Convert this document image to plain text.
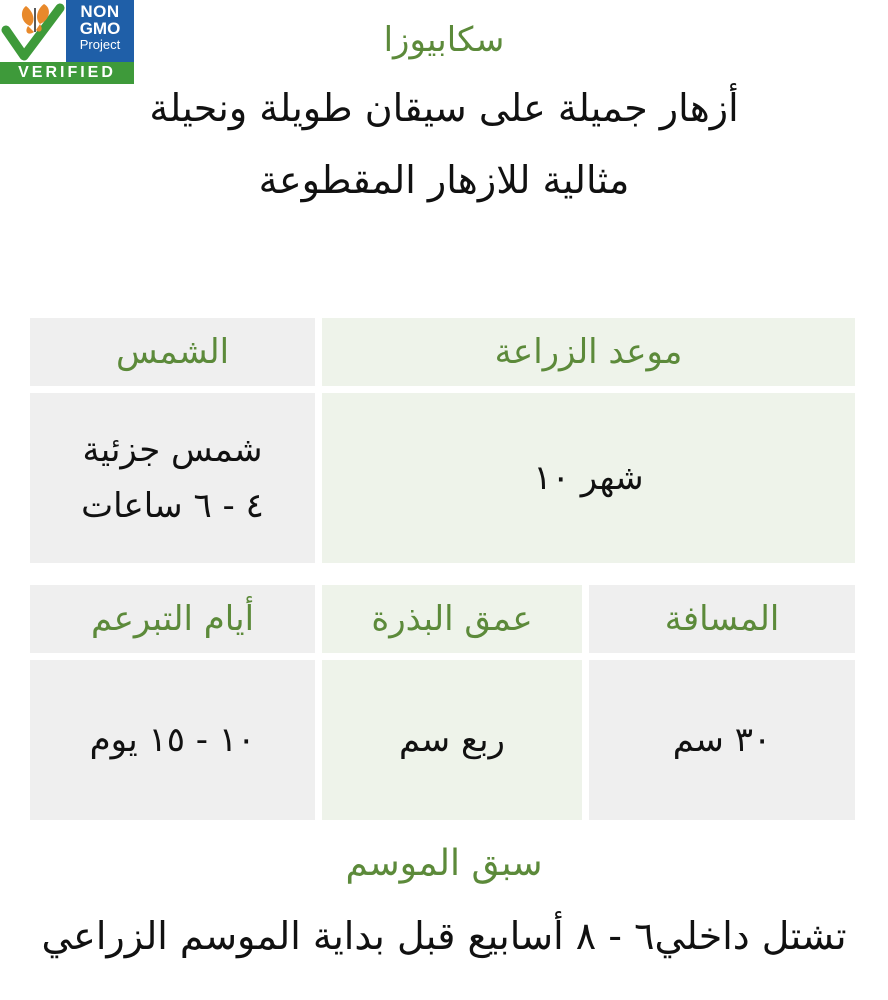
NON
GMO
Project
VERIFIED
سكابيوزا
أزهار جميلة على سيقان طويلة ونحيلة
مثالية للازهار المقطوعة
موعد الزراعة
الشمس
شهر ١٠
شمس جزئية
٤ - ٦ ساعات
المسافة
عمق البذرة
أيام التبرعم
٣٠ سم
ربع سم
١٠ - ١٥ يوم
سبق الموسم
تشتل داخلي٦ - ٨ أسابيع قبل بداية الموسم الزراعي
